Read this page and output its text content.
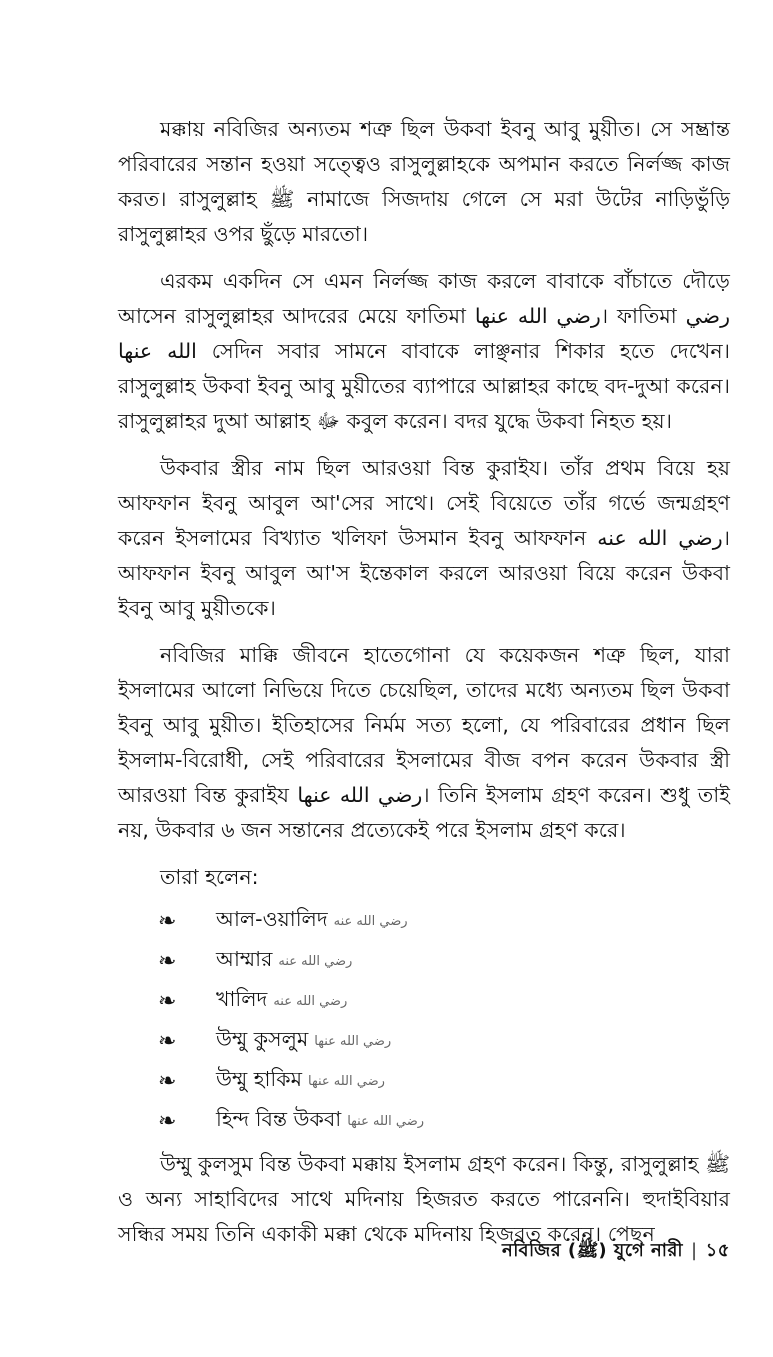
মক্কায় নবিজির অন্যতম শত্রু ছিল উকবা ইবনু আবু মুয়ীত। সে সম্ভ্রান্ত পরিবারের সন্তান হওয়া সত্ত্বেও রাসুলুল্লাহকে অপমান করতে নির্লজ্জ কাজ করত। রাসুলুল্লাহ ﷺ নামাজে সিজদায় গেলে সে মরা উটের নাড়িভুঁড়ি রাসুলুল্লাহর ওপর ছুঁড়ে মারতো।

এরকম একদিন সে এমন নির্লজ্জ কাজ করলে বাবাকে বাঁচাতে দৌড়ে আসেন রাসুলুল্লাহর আদরের মেয়ে ফাতিমা رضي الله عنها। ফাতিমা رضي الله عنها সেদিন সবার সামনে বাবাকে লাঞ্ছনার শিকার হতে দেখেন। রাসুলুল্লাহ উকবা ইবনু আবু মুয়ীতের ব্যাপারে আল্লাহর কাছে বদ-দুআ করেন। রাসুলুল্লাহর দুআ আল্লাহ ﷻ কবুল করেন। বদর যুদ্ধে উকবা নিহত হয়।

উকবার স্ত্রীর নাম ছিল আরওয়া বিন্ত কুরাইয। তাঁর প্রথম বিয়ে হয় আফফান ইবনু আবুল আ'সের সাথে। সেই বিয়েতে তাঁর গর্ভে জন্মগ্রহণ করেন ইসলামের বিখ্যাত খলিফা উসমান ইবনু আফফান رضي الله عنه। আফফান ইবনু আবুল আ'স ইন্তেকাল করলে আরওয়া বিয়ে করেন উকবা ইবনু আবু মুয়ীতকে।

নবিজির মাক্কি জীবনে হাতেগোনা যে কয়েকজন শত্রু ছিল, যারা ইসলামের আলো নিভিয়ে দিতে চেয়েছিল, তাদের মধ্যে অন্যতম ছিল উকবা ইবনু আবু মুয়ীত। ইতিহাসের নির্মম সত্য হলো, যে পরিবারের প্রধান ছিল ইসলাম-বিরোধী, সেই পরিবারের ইসলামের বীজ বপন করেন উকবার স্ত্রী আরওয়া বিন্ত কুরাইয رضي الله عنها। তিনি ইসলাম গ্রহণ করেন। শুধু তাই নয়, উকবার ৬ জন সন্তানের প্রত্যেকেই পরে ইসলাম গ্রহণ করে।

তারা হলেন:

❧	আল-ওয়ালিদ رضي الله عنه
❧	আম্মার رضي الله عنه
❧	খালিদ رضي الله عنه
❧	উম্মু কুসলুম رضي الله عنها
❧	উম্মু হাকিম رضي الله عنها
❧	হিন্দ বিন্ত উকবা رضي الله عنها

উম্মু কুলসুম বিন্ত উকবা মক্কায় ইসলাম গ্রহণ করেন। কিন্তু, রাসুলুল্লাহ ﷺ ও অন্য সাহাবিদের সাথে মদিনায় হিজরত করতে পারেননি। হুদাইবিয়ার সন্ধির সময় তিনি একাকী মক্কা থেকে মদিনায় হিজরত করেন। পেছন

নবিজির (ﷺ) যুগে নারী | ১৫
